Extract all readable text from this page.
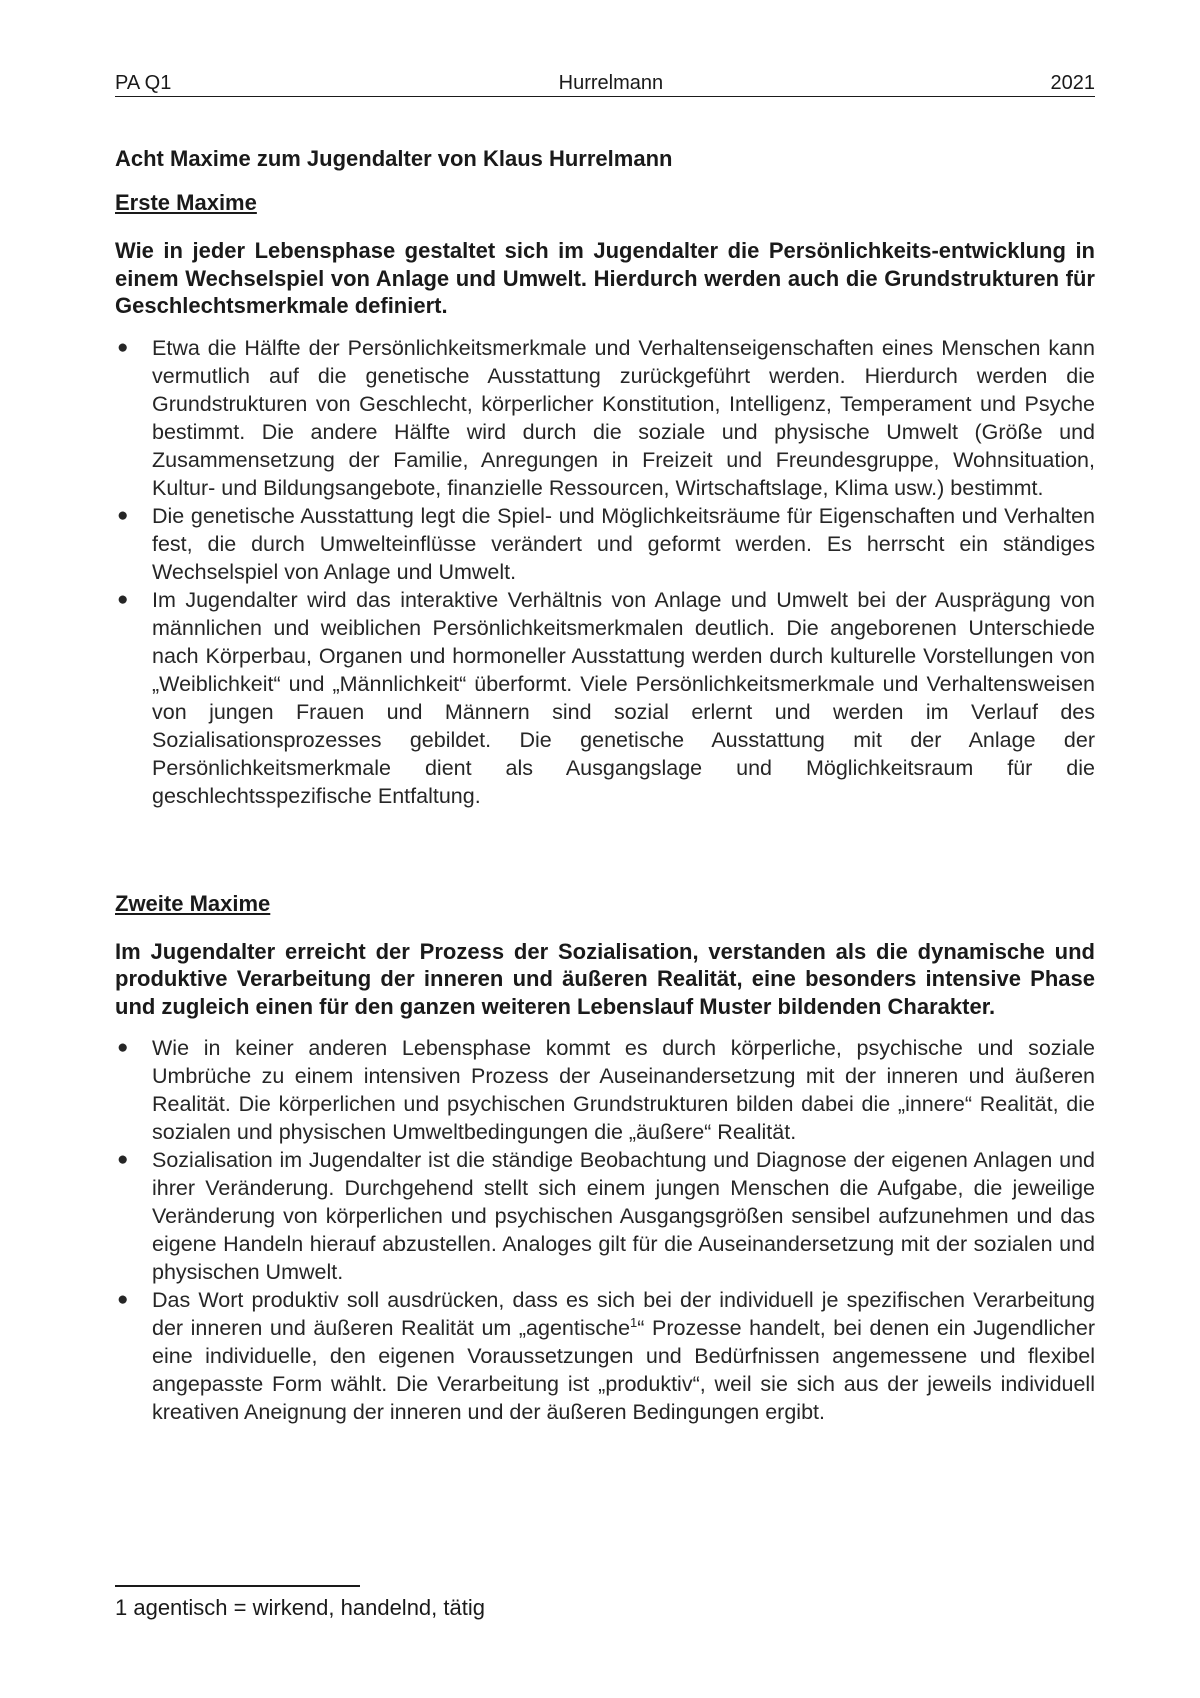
PA Q1	Hurrelmann	2021
Acht Maxime zum Jugendalter von Klaus Hurrelmann
Erste Maxime

Wie in jeder Lebensphase gestaltet sich im Jugendalter die Persönlichkeits-entwicklung in einem Wechselspiel von Anlage und Umwelt. Hierdurch werden auch die Grundstrukturen für Geschlechtsmerkmale definiert.

● Etwa die Hälfte der Persönlichkeitsmerkmale und Verhaltenseigenschaften eines Menschen kann vermutlich auf die genetische Ausstattung zurückgeführt werden. Hierdurch werden die Grundstrukturen von Geschlecht, körperlicher Konstitution, Intelligenz, Temperament und Psyche bestimmt. Die andere Hälfte wird durch die soziale und physische Umwelt (Größe und Zusammensetzung der Familie, Anregungen in Freizeit und Freundesgruppe, Wohnsituation, Kultur- und Bildungsangebote, finanzielle Ressourcen, Wirtschaftslage, Klima usw.) bestimmt.
● Die genetische Ausstattung legt die Spiel- und Möglichkeitsräume für Eigenschaften und Verhalten fest, die durch Umwelteinflüsse verändert und geformt werden. Es herrscht ein ständiges Wechselspiel von Anlage und Umwelt.
● Im Jugendalter wird das interaktive Verhältnis von Anlage und Umwelt bei der Ausprägung von männlichen und weiblichen Persönlichkeitsmerkmalen deutlich. Die angeborenen Unterschiede nach Körperbau, Organen und hormoneller Ausstattung werden durch kulturelle Vorstellungen von „Weiblichkeit“ und „Männlichkeit“ überformt. Viele Persönlichkeitsmerkmale und Verhaltensweisen von jungen Frauen und Männern sind sozial erlernt und werden im Verlauf des Sozialisationsprozesses gebildet. Die genetische Ausstattung mit der Anlage der Persönlichkeitsmerkmale dient als Ausgangslage und Möglichkeitsraum für die geschlechtsspezifische Entfaltung.
Zweite Maxime

Im Jugendalter erreicht der Prozess der Sozialisation, verstanden als die dynamische und produktive Verarbeitung der inneren und äußeren Realität, eine besonders intensive Phase und zugleich einen für den ganzen weiteren Lebenslauf Muster bildenden Charakter.

● Wie in keiner anderen Lebensphase kommt es durch körperliche, psychische und soziale Umbrüche zu einem intensiven Prozess der Auseinandersetzung mit der inneren und äußeren Realität. Die körperlichen und psychischen Grundstrukturen bilden dabei die „innere“ Realität, die sozialen und physischen Umweltbedingungen die „äußere“ Realität.
● Sozialisation im Jugendalter ist die ständige Beobachtung und Diagnose der eigenen Anlagen und ihrer Veränderung. Durchgehend stellt sich einem jungen Menschen die Aufgabe, die jeweilige Veränderung von körperlichen und psychischen Ausgangsgrößen sensibel aufzunehmen und das eigene Handeln hierauf abzustellen. Analoges gilt für die Auseinandersetzung mit der sozialen und physischen Umwelt.
● Das Wort produktiv soll ausdrücken, dass es sich bei der individuell je spezifischen Verarbeitung der inneren und äußeren Realität um „agentische$^1$“ Prozesse handelt, bei denen ein Jugendlicher eine individuelle, den eigenen Voraussetzungen und Bedürfnissen angemessene und flexibel angepasste Form wählt. Die Verarbeitung ist „produktiv“, weil sie sich aus der jeweils individuell kreativen Aneignung der inneren und der äußeren Bedingungen ergibt.
1 agentisch = wirkend, handelnd, tätig
